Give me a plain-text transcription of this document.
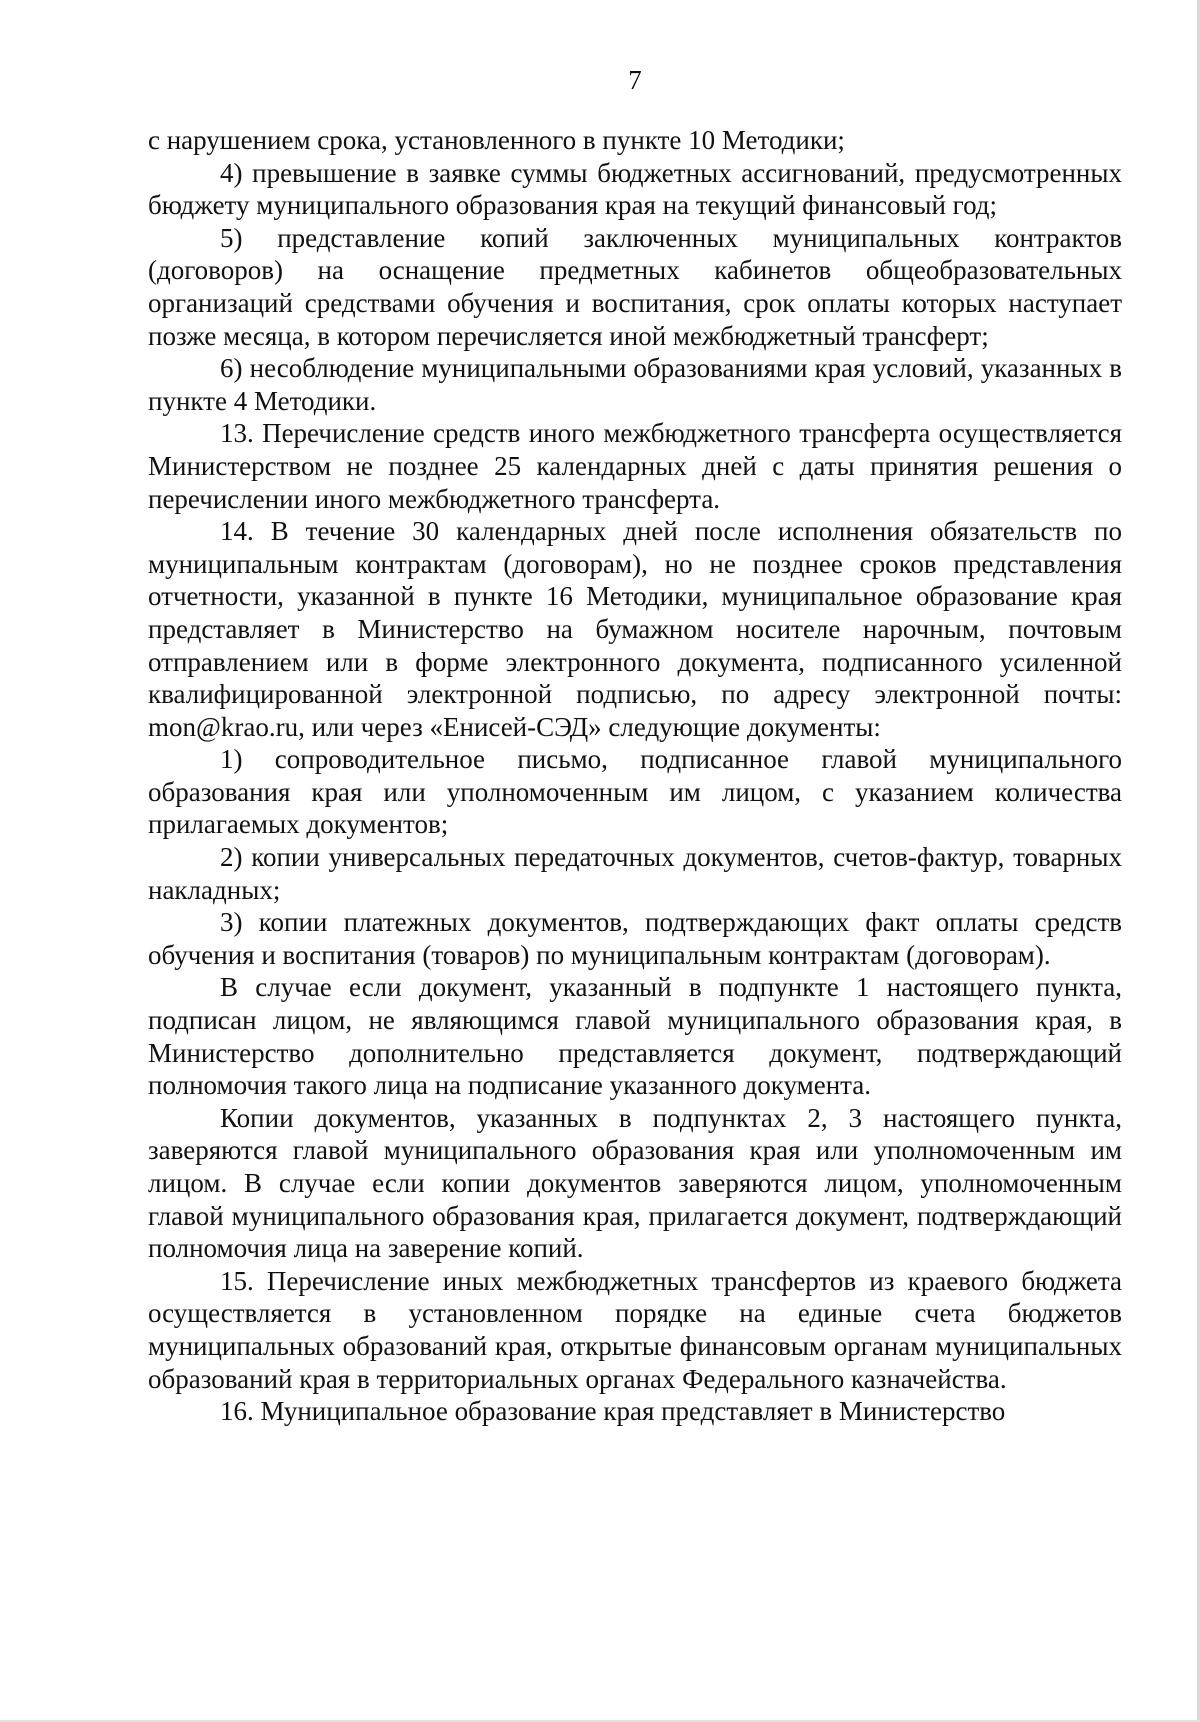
7

с нарушением срока, установленного в пункте 10 Методики;

4) превышение в заявке суммы бюджетных ассигнований, предусмотренных бюджету муниципального образования края на текущий финансовый год;

5) представление копий заключенных муниципальных контрактов (договоров) на оснащение предметных кабинетов общеобразовательных организаций средствами обучения и воспитания, срок оплаты которых наступает позже месяца, в котором перечисляется иной межбюджетный трансферт;

6) несоблюдение муниципальными образованиями края условий, указанных в пункте 4 Методики.

13. Перечисление средств иного межбюджетного трансферта осуществляется Министерством не позднее 25 календарных дней с даты принятия решения о перечислении иного межбюджетного трансферта.

14. В течение 30 календарных дней после исполнения обязательств по муниципальным контрактам (договорам), но не позднее сроков представления отчетности, указанной в пункте 16 Методики, муниципальное образование края представляет в Министерство на бумажном носителе нарочным, почтовым отправлением или в форме электронного документа, подписанного усиленной квалифицированной электронной подписью, по адресу электронной почты: mon@krao.ru, или через «Енисей-СЭД» следующие документы:

1) сопроводительное письмо, подписанное главой муниципального образования края или уполномоченным им лицом, с указанием количества прилагаемых документов;

2) копии универсальных передаточных документов, счетов-фактур, товарных накладных;

3) копии платежных документов, подтверждающих факт оплаты средств обучения и воспитания (товаров) по муниципальным контрактам (договорам).

В случае если документ, указанный в подпункте 1 настоящего пункта, подписан лицом, не являющимся главой муниципального образования края, в Министерство дополнительно представляется документ, подтверждающий полномочия такого лица на подписание указанного документа.

Копии документов, указанных в подпунктах 2, 3 настоящего пункта, заверяются главой муниципального образования края или уполномоченным им лицом. В случае если копии документов заверяются лицом, уполномоченным главой муниципального образования края, прилагается документ, подтверждающий полномочия лица на заверение копий.

15. Перечисление иных межбюджетных трансфертов из краевого бюджета осуществляется в установленном порядке на единые счета бюджетов муниципальных образований края, открытые финансовым органам муниципальных образований края в территориальных органах Федерального казначейства.

16. Муниципальное образование края представляет в Министерство
